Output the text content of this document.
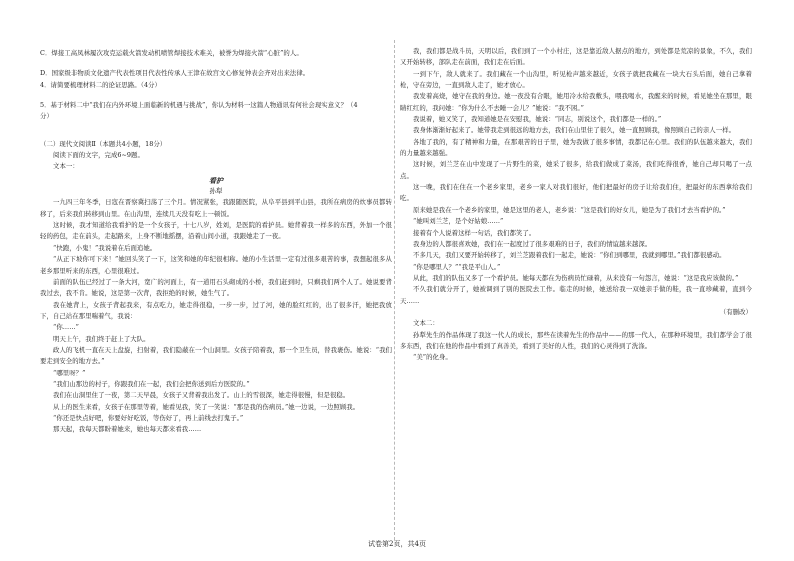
C．焊接工高凤林履次攻克运载火箭发动机喷管焊接技术难关，被誉为焊接火箭“心脏”的人。

D．国家级非物质文化遗产代表性项目代表性传承人王津在故宫文心修复钟表会齐对出来法律。

4．请简要梳理材料二的论证思路。（4分）

5．基于材料二中“我们在内外环境上面临新的机遇与挑战”，你认为材料一这篇人物通讯有何社会现实意义？（4

分）

（二）现代文阅读Ⅱ（本题共4小题，18分）

阅读下面的文字，完成6~9题。

文本一：

看护

孙犁

一九四三年冬季，日寇在晋察冀扫荡了三个月。情况紧张，我跟随医院，从阜平县到平山县，我所在病房的炊事员都转移了，后来我们转移到山里。在山沟里，连续几天没有吃上一顿饭。

这时候，我才知道给我看护的是一个女孩子，十七八岁，姓刘，是医院的看护员。她背着我一样多的东西，外加一个很轻的药包，走在前头，走起路来，上身不断地摇摆，沿着山间小道，我跟她走了一夜。

“快跑，小鬼！”我说着在后面追她。

“从正下坡你可下来！”她回头笑了一下，这笑和她的年纪很相称。她的小生活里一定有过很多艰苦的事，我想起很多从老乡那里听来的东西，心里很难过。

前面的队伍已经过了一条大河，宽广的河面上，有一道用石头砌成的小桥，我们赶到时，只剩我们两个人了。她说要背我过去，我不肯。她说，这是第一次背，我拒绝的时候，她生气了。

我在她背上，女孩子背起我来，有点吃力，她走得很稳，一步一步，过了河，她的脸红红的，出了很多汗，她把我放下，自己站在那里喘着气，我说：

“你……”

明天上午，我们终于赶上了大队。

政人的飞机一直在天上盘旋，扫射着，我们隐蔽在一个山洞里。女孩子陪着我，那一个卫生员，替我裹伤。她说：“我们要走到安全的地方去。”

“哪里呀？”

“我们山那边的村子，你跟我们在一起，我们会把你送到后方医院的。”

我们在山洞里住了一夜，第二天早晨，女孩子又背着我出发了。山上的雪很深，她走得很慢，但是很稳。

从上的医生来看，女孩子在那里等着，她看见我，笑了一笑说：“那是我的伤病员。”她一边说，一边照顾我。

“你还是快点好吧，你要好好吃饭，等伤好了，再上前线去打鬼子。”

那天起，我每天都盼着她来，她也每天都来看我……

我，我们都是战斗员，天明以后，我们到了一个小村庄，这是靠近敌人据点的地方，到处都是荒凉的景象，不久，我们又开始转移，部队走在前面，我们走在后面。

一到下午，敌人就来了。我们藏在一个山沟里，听见枪声越来越近，女孩子就把我藏在一块大石头后面，她自己拿着枪，守在旁边，一直到敌人走了，她才放心。

我发着高烧，她守在我的身边。她一夜没有合眼，她用冷水给我敷头，喂我喝水，我醒来的时候，看见她坐在那里，眼睛红红的，我问她：“你为什么不去睡一会儿？”她说：“我不困。”

我说着，她又笑了，我知道她是在安慰我，她说：“同志，别说这个，我们都是一样的。”

我身体渐渐好起来了。她带我走到很远的地方去，我们在山里住了很久，她一直照顾我，像照顾自己的亲人一样。

各地了我的，有了精神和力量，在那艰苦的日子里，她为我做了很多事情，我都记在心里。我们的队伍越来越大，我们的力量越来越强。

这时候，刘兰芝在山中发现了一片野生的菜，她采了很多，给我们做成了菜汤，我们吃得很香，她自己却只喝了一点点。

这一晚，我们在住在一个老乡家里，老乡一家人对我们很好，他们把最好的房子让给我们住，把最好的东西拿给我们吃。

原来她是我在一个老乡的家里，她是这里的老人，老乡说：“这是我们的好女儿，她是为了我们才去当看护的。”

“她叫刘兰芝，是个好姑娘……”

接着有个人说着这样一句话，我们都笑了。

我身边的人都很喜欢她，我们在一起度过了很多艰难的日子，我们的情谊越来越深。

不多几天，我们又要开始转移了，刘兰芝跟着我们一起走，她说：“你们到哪里，我就到哪里。”我们都很感动。

“你是哪里人？”“我是平山人。”

从此，我们的队伍又多了一个看护员。她每天都在为伤病员忙碌着，从来没有一句怨言，她说：“这是我应该做的。”

不久我们就分开了，她被调到了别的医院去工作。临走的时候，她送给我一双她亲手做的鞋，我一直珍藏着，直到今天……

（有删改）

文本二：

孙犁先生的作品体现了我这一代人的成长，那些在读着先生的作品中——的那一代人，在那种环境里，我们都学会了很多东西，我们在他的作品中看到了真善美，看到了美好的人性，我们的心灵得到了洗涤。

“美”的化身。

试卷第2页，共4页
